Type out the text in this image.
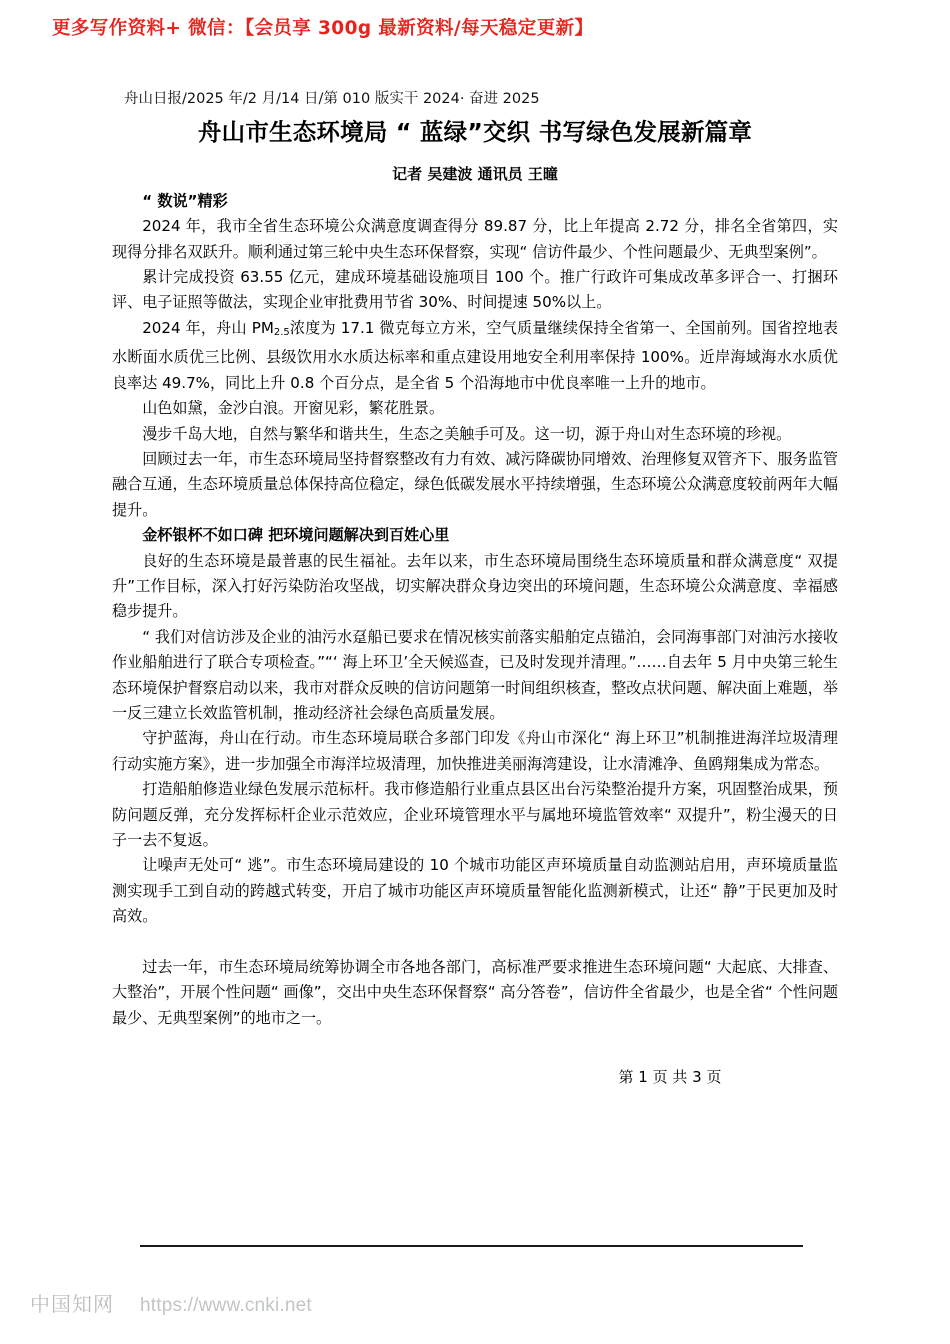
更多写作资料+ 微信：【会员享 300g 最新资料/每天稳定更新】
舟山日报/2025 年/2 月/14 日/第 010 版实干 2024· 奋进 2025
舟山市生态环境局 “ 蓝绿”交织 书写绿色发展新篇章
记者 吴建波 通讯员 王曈

“ 数说”精彩

2024 年，我市全省生态环境公众满意度调查得分 89.87 分，比上年提高 2.72 分，排名全省第四，实现得分排名双跃升。顺利通过第三轮中央生态环保督察，实现“ 信访件最少、个性问题最少、无典型案例”。

累计完成投资 63.55 亿元，建成环境基础设施项目 100 个。推广行政许可集成改革多评合一、打捆环评、电子证照等做法，实现企业审批费用节省 30%、时间提速 50%以上。

2024 年，舟山 $PM_{2.5}$浓度为 17.1 微克每立方米，空气质量继续保持全省第一、全国前列。国省控地表水断面水质优三比例、县级饮用水水质达标率和重点建设用地安全利用率保持 100%。近岸海域海水水质优良率达 49.7%，同比上升 0.8 个百分点，是全省 5 个沿海地市中优良率唯一上升的地市。

山色如黛，金沙白浪。开窗见彩，繁花胜景。

漫步千岛大地，自然与繁华和谐共生，生态之美触手可及。这一切，源于舟山对生态环境的珍视。

回顾过去一年，市生态环境局坚持督察整改有力有效、减污降碳协同增效、治理修复双管齐下、服务监管融合互通，生态环境质量总体保持高位稳定，绿色低碳发展水平持续增强，生态环境公众满意度较前两年大幅提升。

金杯银杯不如口碑 把环境问题解决到百姓心里

良好的生态环境是最普惠的民生福祉。去年以来，市生态环境局围绕生态环境质量和群众满意度“ 双提升”工作目标，深入打好污染防治攻坚战，切实解决群众身边突出的环境问题，生态环境公众满意度、幸福感稳步提升。

“ 我们对信访涉及企业的油污水趸船已要求在情况核实前落实船舶定点锚泊，会同海事部门对油污水接收作业船舶进行了联合专项检查。”“‘ 海上环卫’全天候巡查，已及时发现并清理。”……自去年 5 月中央第三轮生态环境保护督察启动以来，我市对群众反映的信访问题第一时间组织核查，整改点状问题、解决面上难题，举一反三建立长效监管机制，推动经济社会绿色高质量发展。

守护蓝海，舟山在行动。市生态环境局联合多部门印发《舟山市深化“ 海上环卫”机制推进海洋垃圾清理行动实施方案》，进一步加强全市海洋垃圾清理，加快推进美丽海湾建设，让水清滩净、鱼鸥翔集成为常态。

打造船舶修造业绿色发展示范标杆。我市修造船行业重点县区出台污染整治提升方案，巩固整治成果，预防问题反弹，充分发挥标杆企业示范效应，企业环境管理水平与属地环境监管效率“ 双提升”，粉尘漫天的日子一去不复返。

让噪声无处可“ 逃”。市生态环境局建设的 10 个城市功能区声环境质量自动监测站启用，声环境质量监测实现手工到自动的跨越式转变，开启了城市功能区声环境质量智能化监测新模式，让还“ 静”于民更加及时高效。

过去一年，市生态环境局统筹协调全市各地各部门，高标准严要求推进生态环境问题“ 大起底、大排查、大整治”，开展个性问题“ 画像”，交出中央生态环保督察“ 高分答卷”，信访件全省最少，也是全省“ 个性问题最少、无典型案例”的地市之一。

第 1 页 共 3 页
中国知网 https://www.cnki.net
